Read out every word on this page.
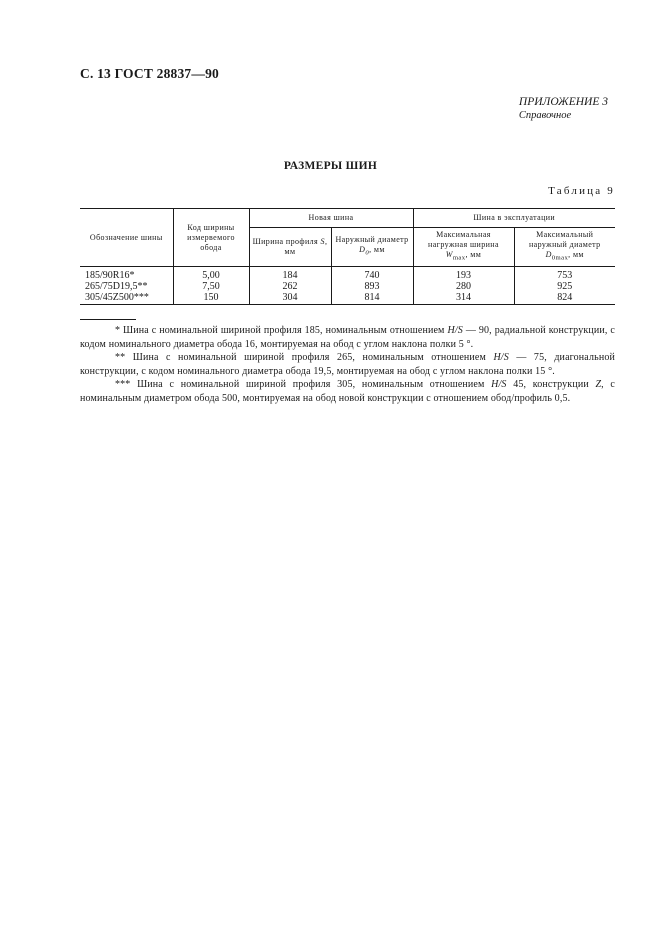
С. 13 ГОСТ 28837—90
ПРИЛОЖЕНИЕ 3
Справочное
РАЗМЕРЫ ШИН
Таблица 9
Обозначение шины	Код ширины измервемого обода	Новая шина		Шина в эксплуатации	
		Ширина профиля S, мм	Наружный диаметр $D_0$, мм	Максимальная нагружная ширина $W_{max}$, мм	Максимальный наружный диаметр $D_{0max}$, мм
185/90R16*	5,00	184	740	193	753
265/75D19,5**	7,50	262	893	280	925
305/45Z500***	150	304	814	314	824

* Шина с номинальной шириной профиля 185, номинальным отношением H/S — 90, радиальной конструкции, с кодом номинального диаметра обода 16, монтируемая на обод с углом наклона полки 5 °.

** Шина с номинальной шириной профиля 265, номинальным отношением H/S — 75, диагональной конструкции, с кодом номинального диаметра обода 19,5, монтируемая на обод с углом наклона полки 15 °.

*** Шина с номинальной шириной профиля 305, номинальным отношением H/S 45, конструкции Z, с номинальным диаметром обода 500, монтируемая на обод новой конструкции с отношением обод/профиль 0,5.
